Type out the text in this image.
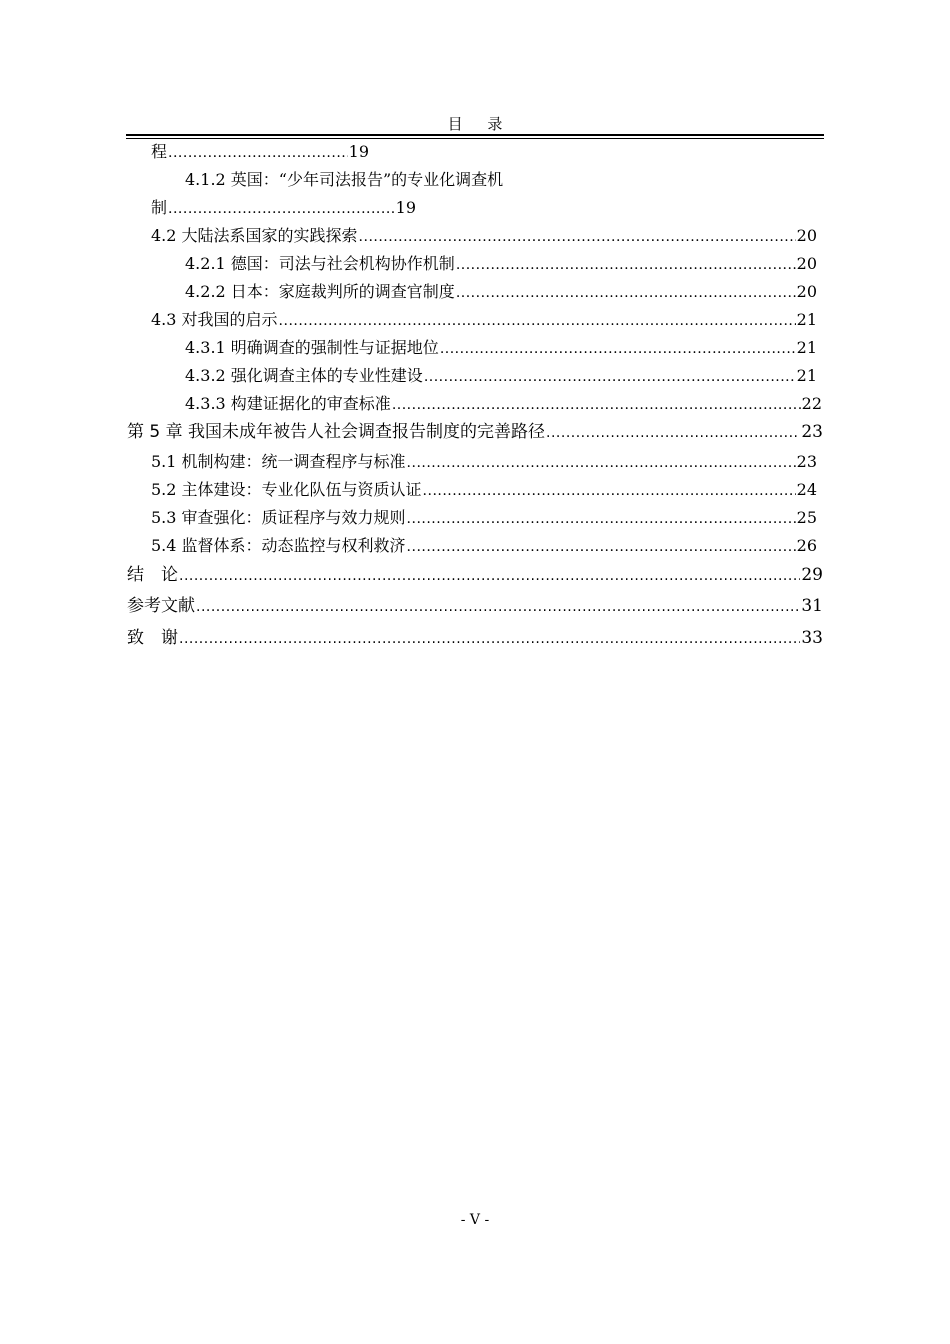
目 录
程 .....	19
4.1.2 英国：“少年司法报告”的专业化调查机
制 .....	19
4.2 大陆法系国家的实践探索 .....	20
4.2.1 德国：司法与社会机构协作机制 .....	20
4.2.2 日本：家庭裁判所的调查官制度 .....	20
4.3 对我国的启示 .....	21
4.3.1 明确调查的强制性与证据地位 .....	21
4.3.2 强化调查主体的专业性建设 .....	21
4.3.3 构建证据化的审查标准 .....	22
第 5 章 我国未成年被告人社会调查报告制度的完善路径 .....	23
5.1 机制构建：统一调查程序与标准 .....	23
5.2 主体建设：专业化队伍与资质认证 .....	24
5.3 审查强化：质证程序与效力规则 .....	25
5.4 监督体系：动态监控与权利救济 .....	26
结　论 .....	29
参考文献 .....	31
致　谢 .....	33
- V -
